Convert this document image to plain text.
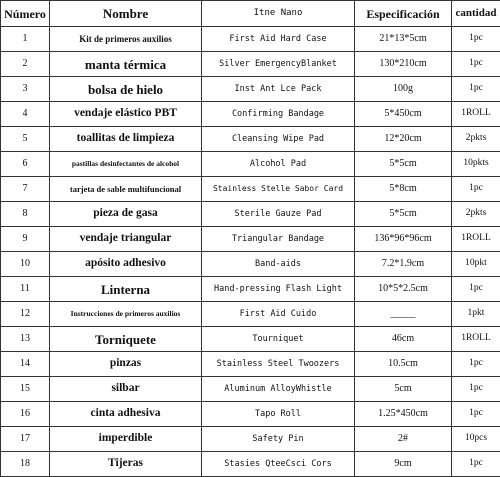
Número	Nombre	Itne Nano	Especificación	cantidad
1	Kit de primeros auxilios	First Aid Hard Case	21*13*5cm	1pc
2	manta térmica	Silver EmergencyBlanket	130*210cm	1pc
3	bolsa de hielo	Inst Ant Lce Pack	100g	1pc
4	vendaje elástico PBT	Confirming Bandage	5*450cm	1ROLL
5	toallitas de limpieza	Cleansing Wipe Pad	12*20cm	2pkts
6	pastillas desinfectantes de alcohol	Alcohol Pad	5*5cm	10pkts
7	tarjeta de sable multifuncional	Stainless Stelle Sabor Card	5*8cm	1pc
8	pieza de gasa	Sterile Gauze Pad	5*5cm	2pkts
9	vendaje triangular	Triangular Bandage	136*96*96cm	1ROLL
10	apósito adhesivo	Band-aids	7.2*1.9cm	10pkt
11	Linterna	Hand-pressing Flash Light	10*5*2.5cm	1pc
12	Instrucciones de primeros auxilios	First Aid Cuido	_____	1pkt
13	Torniquete	Tourniquet	46cm	1ROLL
14	pinzas	Stainless Steel Twoozers	10.5cm	1pc
15	silbar	Aluminum AlloyWhistle	5cm	1pc
16	cinta adhesiva	Tapo Roll	1.25*450cm	1pc
17	imperdible	Safety Pin	2#	10pcs
18	Tijeras	Stasies QteeCsci Cors	9cm	1pc
